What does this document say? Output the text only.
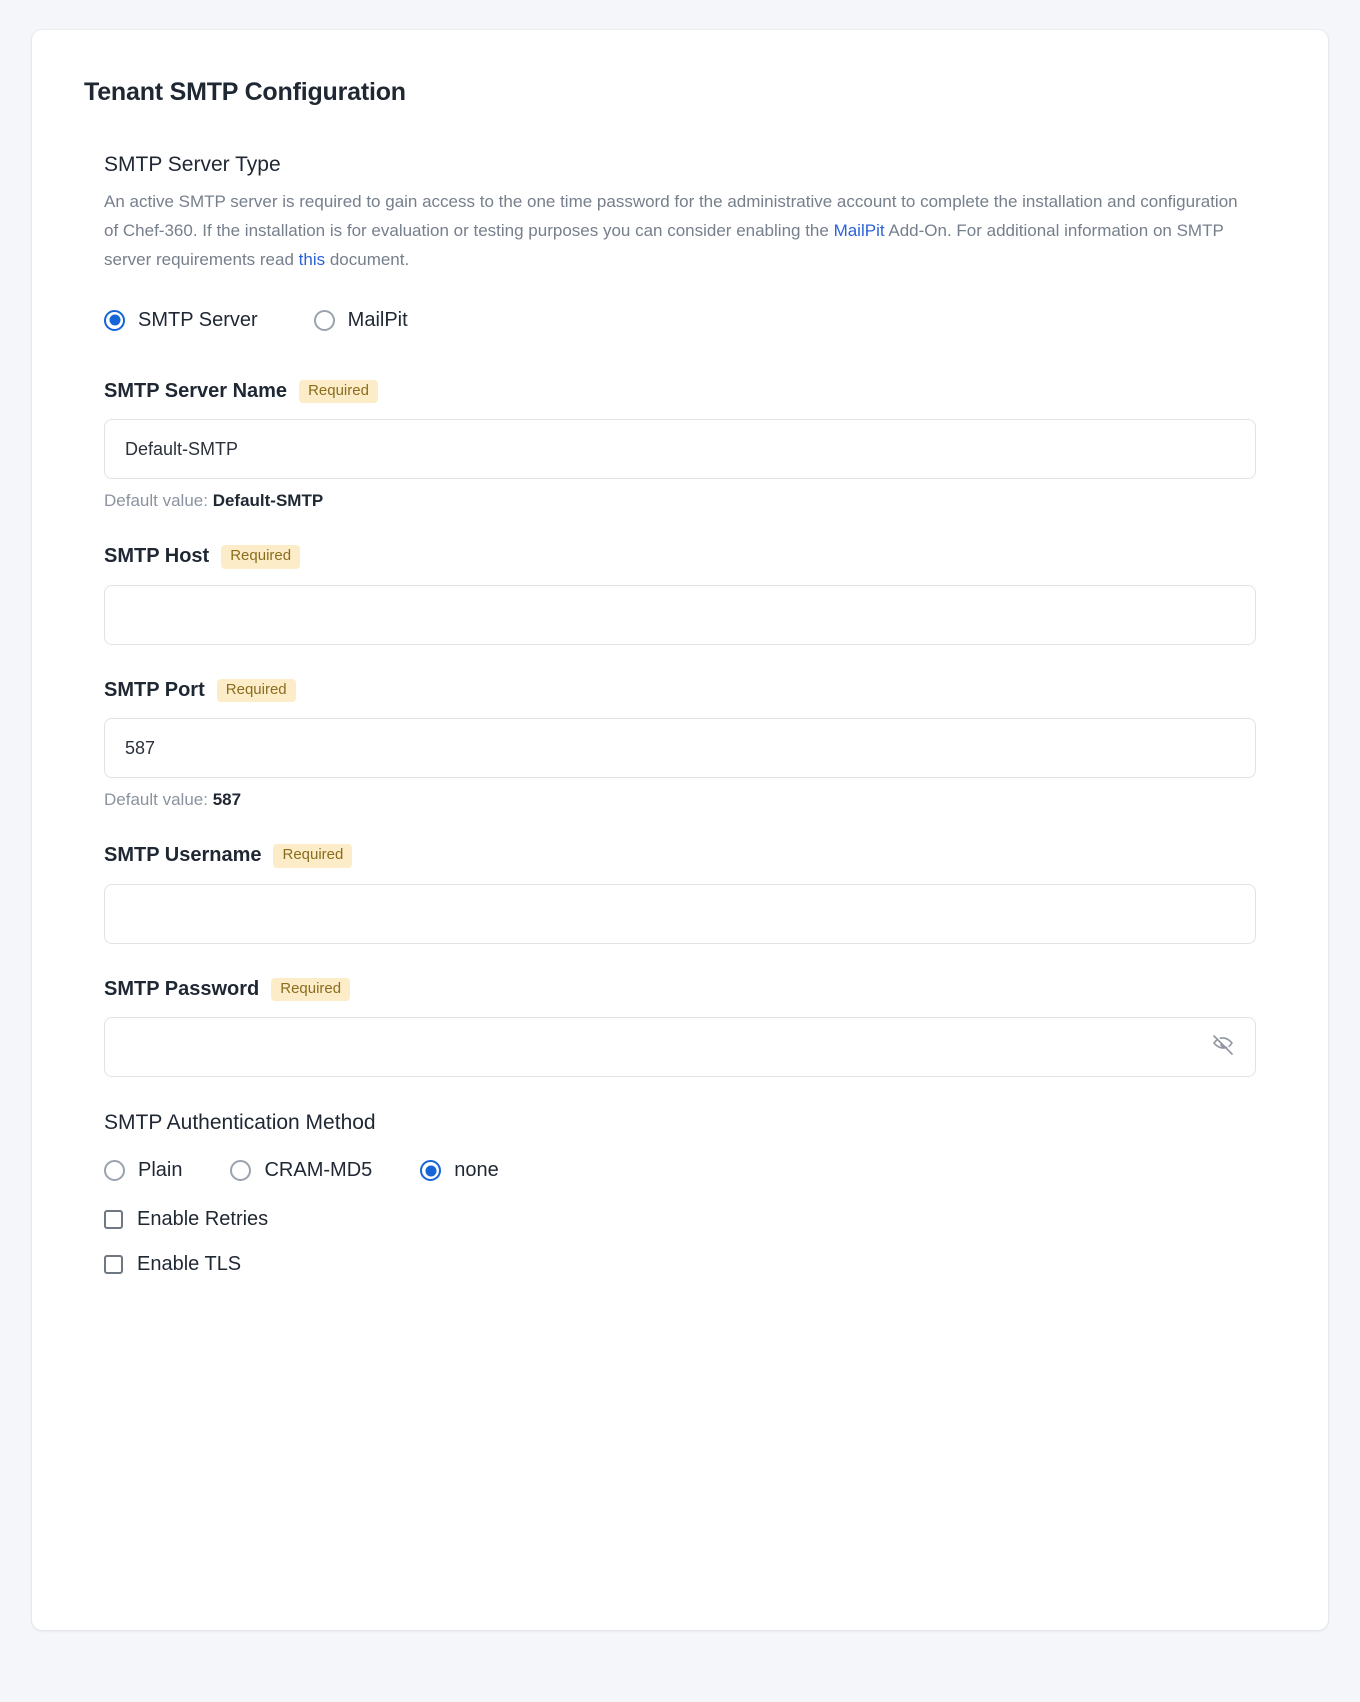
Tenant SMTP Configuration
SMTP Server Type

An active SMTP server is required to gain access to the one time password for the administrative account to complete the installation and configuration of Chef-360. If the installation is for evaluation or testing purposes you can consider enabling the MailPit Add-On. For additional information on SMTP server requirements read this document.

SMTP Server	MailPit
SMTP Server Name	Required
Default-SMTP
Default value: Default-SMTP
SMTP Host	Required
SMTP Port	Required
587
Default value: 587
SMTP Username	Required
SMTP Password	Required
SMTP Authentication Method
Plain	CRAM-MD5	none
Enable Retries
Enable TLS
